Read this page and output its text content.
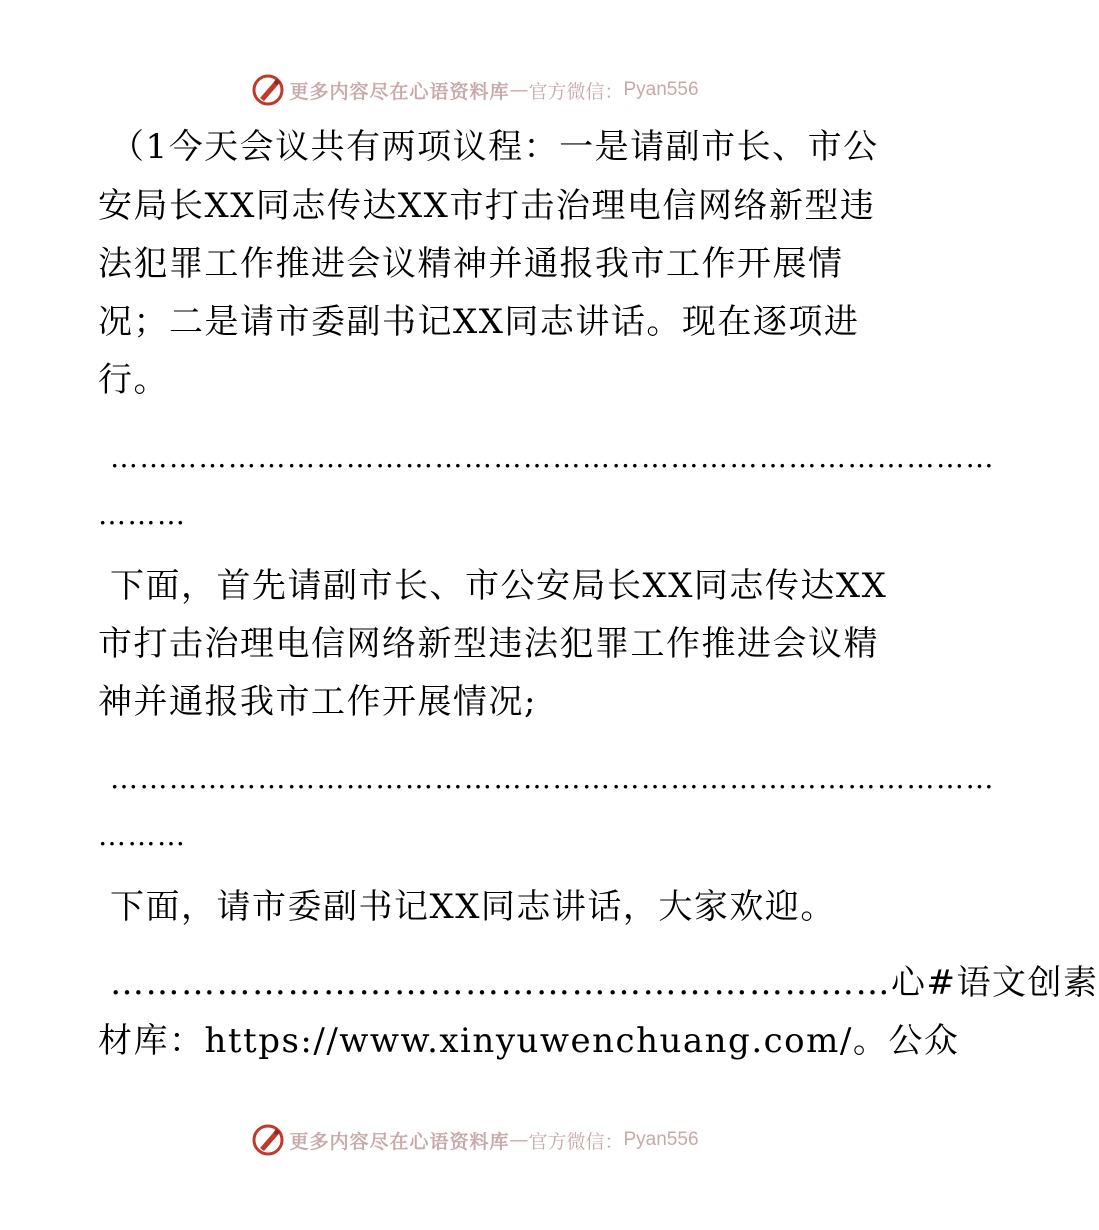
更多内容尽在心语资料库 — 官方微信： Pyan556
（1今天会议共有两项议程：一是请副市长、市公
安局长XX同志传达XX市打击治理电信网络新型违
法犯罪工作推进会议精神并通报我市工作开展情
况；二是请市委副书记XX同志讲话。现在逐项进
行。
………………………………………………………………………………
………
下面，首先请副市长、市公安局长XX同志传达XX
市打击治理电信网络新型违法犯罪工作推进会议精
神并通报我市工作开展情况;
………………………………………………………………………………
………
下面，请市委副书记XX同志讲话，大家欢迎。
…………………………………………………………心#语文创素
材库：https://www.xinyuwenchuang.com/。公众
更多内容尽在心语资料库 — 官方微信： Pyan556
